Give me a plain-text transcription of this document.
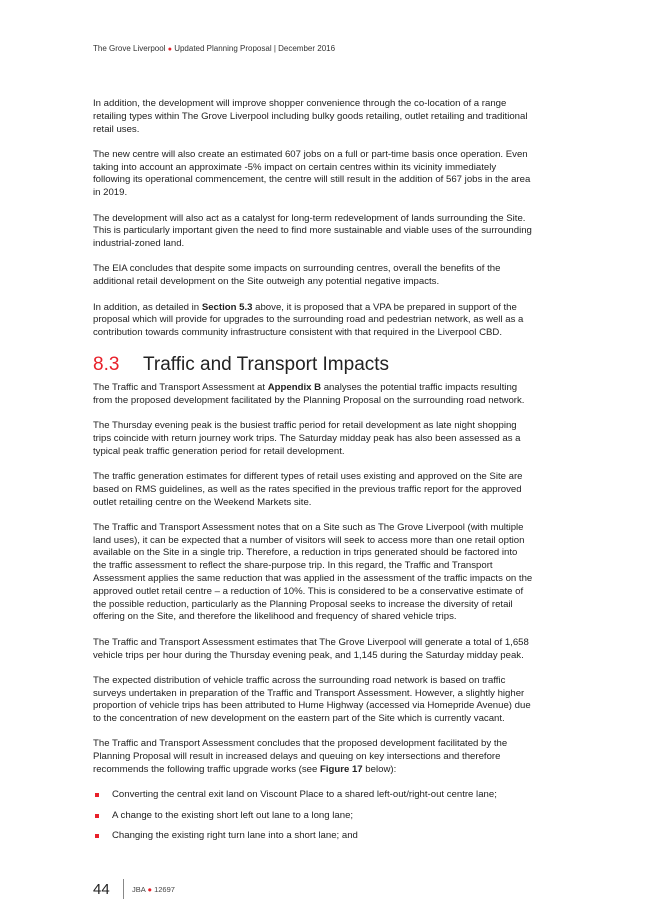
The Grove Liverpool ● Updated Planning Proposal | December 2016

In addition, the development will improve shopper convenience through the co-location of a range retailing types within The Grove Liverpool including bulky goods retailing, outlet retailing and traditional retail uses.

The new centre will also create an estimated 607 jobs on a full or part-time basis once operation. Even taking into account an approximate -5% impact on certain centres within its vicinity immediately following its operational commencement, the centre will still result in the addition of 567 jobs in the area in 2019.

The development will also act as a catalyst for long-term redevelopment of lands surrounding the Site. This is particularly important given the need to find more sustainable and viable uses of the surrounding industrial-zoned land.

The EIA concludes that despite some impacts on surrounding centres, overall the benefits of the additional retail development on the Site outweigh any potential negative impacts.

In addition, as detailed in Section 5.3 above, it is proposed that a VPA be prepared in support of the proposal which will provide for upgrades to the surrounding road and pedestrian network, as well as a contribution towards community infrastructure consistent with that required in the Liverpool CBD.

8.3	Traffic and Transport Impacts

The Traffic and Transport Assessment at Appendix B analyses the potential traffic impacts resulting from the proposed development facilitated by the Planning Proposal on the surrounding road network.

The Thursday evening peak is the busiest traffic period for retail development as late night shopping trips coincide with return journey work trips. The Saturday midday peak has also been assessed as a typical peak traffic generation period for retail development.

The traffic generation estimates for different types of retail uses existing and approved on the Site are based on RMS guidelines, as well as the rates specified in the previous traffic report for the approved outlet retailing centre on the Weekend Markets site.

The Traffic and Transport Assessment notes that on a Site such as The Grove Liverpool (with multiple land uses), it can be expected that a number of visitors will seek to access more than one retail option available on the Site in a single trip. Therefore, a reduction in trips generated should be factored into the traffic assessment to reflect the share-purpose trip. In this regard, the Traffic and Transport Assessment applies the same reduction that was applied in the assessment of the traffic impacts on the approved outlet retail centre – a reduction of 10%. This is considered to be a conservative estimate of the possible reduction, particularly as the Planning Proposal seeks to increase the diversity of retail offering on the Site, and therefore the likelihood and frequency of shared vehicle trips.

The Traffic and Transport Assessment estimates that The Grove Liverpool will generate a total of 1,658 vehicle trips per hour during the Thursday evening peak, and 1,145 during the Saturday midday peak.

The expected distribution of vehicle traffic across the surrounding road network is based on traffic surveys undertaken in preparation of the Traffic and Transport Assessment. However, a slightly higher proportion of vehicle trips has been attributed to Hume Highway (accessed via Homepride Avenue) due to the concentration of new development on the eastern part of the Site which is currently vacant.

The Traffic and Transport Assessment concludes that the proposed development facilitated by the Planning Proposal will result in increased delays and queuing on key intersections and therefore recommends the following traffic upgrade works (see Figure 17 below):

Converting the central exit land on Viscount Place to a shared left-out/right-out centre lane;
A change to the existing short left out lane to a long lane;
Changing the existing right turn lane into a short lane; and
44	JBA ● 12697
